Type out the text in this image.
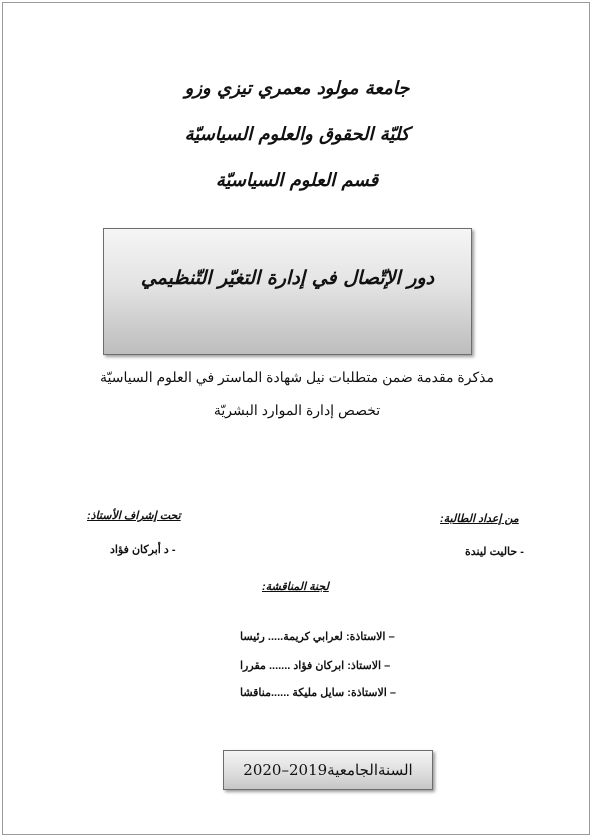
جامعة مولود معمري تيزي وزو
كليّة الحقوق والعلوم السياسيّة
قسم العلوم السياسيّة
دور الإتّصال في إدارة التغيّر التّنظيمي
مذكرة مقدمة ضمن متطلبات نيل شهادة الماستر في العلوم السياسيّة
تخصص إدارة الموارد البشريّة
تحت إشراف الأستاذ:	من إعداد الطالبة:
- د أبركان فؤاد	- حاليت ليندة
لجنة المناقشة:
– الاستاذة: لعرابي كريمة..... رئيسا
– الاستاذ: ابركان فؤاد ....... مقررا
– الاستاذة: سايل مليكة ......مناقشا
السنةالجامعية2019–2020
